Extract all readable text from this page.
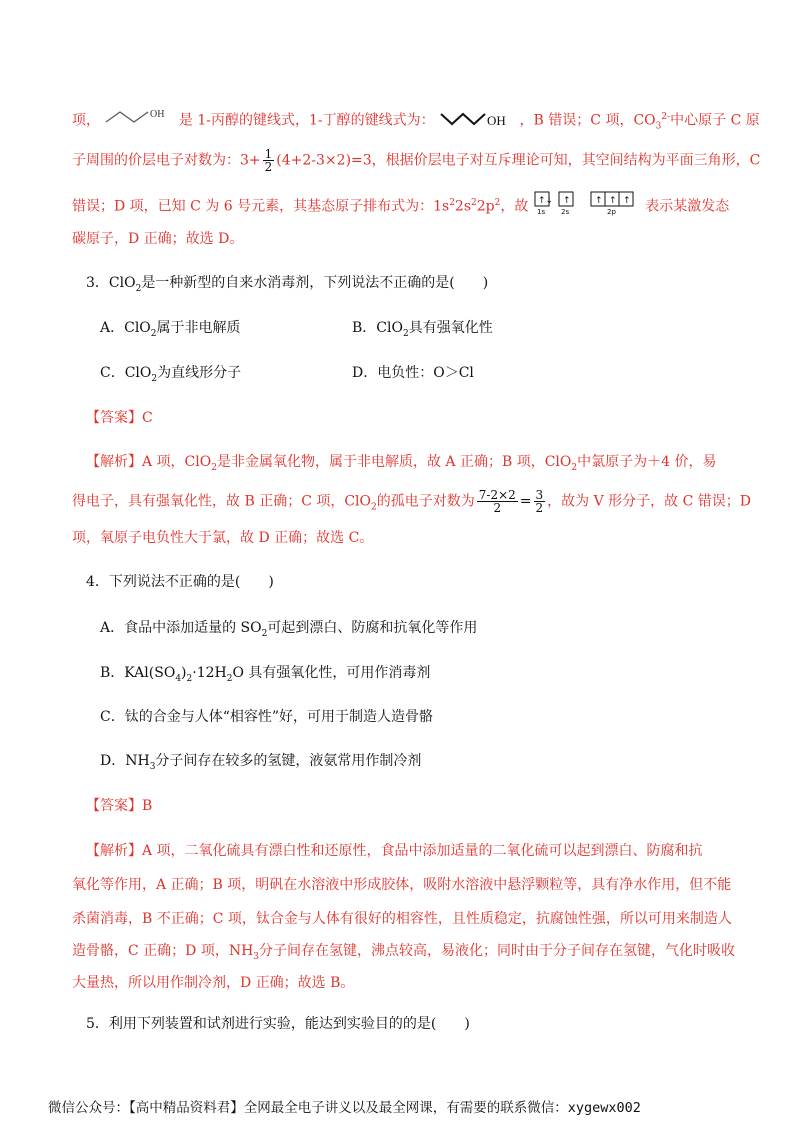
项，	OH 是 1-丙醇的键线式，1-丁醇的键线式为：	OH ，B 错误；C 项，$CO_3^{2-}$中心原子 C 原
子周围的价层电子对数为：$3+ \frac{1}{2} (4+2-3\times 2)=3$，根据价层电子对互斥理论可知，其空间结构为平面三角形，C
错误；D 项，已知 C 为 6 号元素，其基态原子排布式为：$1s^22s^22p^2$，故 ↑↓ ↑	↑ ↑ ↑
1s 2s	2p 表示某激发态
碳原子，D 正确；故选 D。
3．ClO$_2$是一种新型的自来水消毒剂，下列说法不正确的是(　　)
A．ClO$_2$属于非电解质	B．ClO$_2$具有强氧化性
C．ClO$_2$为直线形分子	D．电负性：O＞Cl
【答案】C
【解析】A 项，ClO$_2$是非金属氧化物，属于非电解质，故 A 正确；B 项，ClO$_2$中氯原子为＋4 价，易
得电子，具有强氧化性，故 B 正确；C 项，ClO$_2$的孤电子对数为 $\frac{7-2\times 2}{2} = \frac{3}{2}$ ，故为 V 形分子，故 C 错误；D
项，氧原子电负性大于氯，故 D 正确；故选 C。
4．下列说法不正确的是(　　)
A．食品中添加适量的 $SO_2$可起到漂白、防腐和抗氧化等作用
B．$KAl(SO_4)_2\cdot 12H_2O$ 具有强氧化性，可用作消毒剂
C．钛的合金与人体“相容性”好，可用于制造人造骨骼
D．$NH_3$分子间存在较多的氢键，液氨常用作制冷剂
【答案】B
【解析】A 项，二氧化硫具有漂白性和还原性，食品中添加适量的二氧化硫可以起到漂白、防腐和抗
氧化等作用，A 正确；B 项，明矾在水溶液中形成胶体，吸附水溶液中悬浮颗粒等，具有净水作用，但不能
杀菌消毒，B 不正确；C 项，钛合金与人体有很好的相容性，且性质稳定，抗腐蚀性强，所以可用来制造人
造骨骼，C 正确；D 项，$NH_3$分子间存在氢键，沸点较高，易液化；同时由于分子间存在氢键，气化时吸收
大量热，所以用作制冷剂，D 正确；故选 B。
5．利用下列装置和试剂进行实验，能达到实验目的的是(　　)
微信公众号：【高中精品资料君】全网最全电子讲义以及最全网课，有需要的联系微信：xygewx002
